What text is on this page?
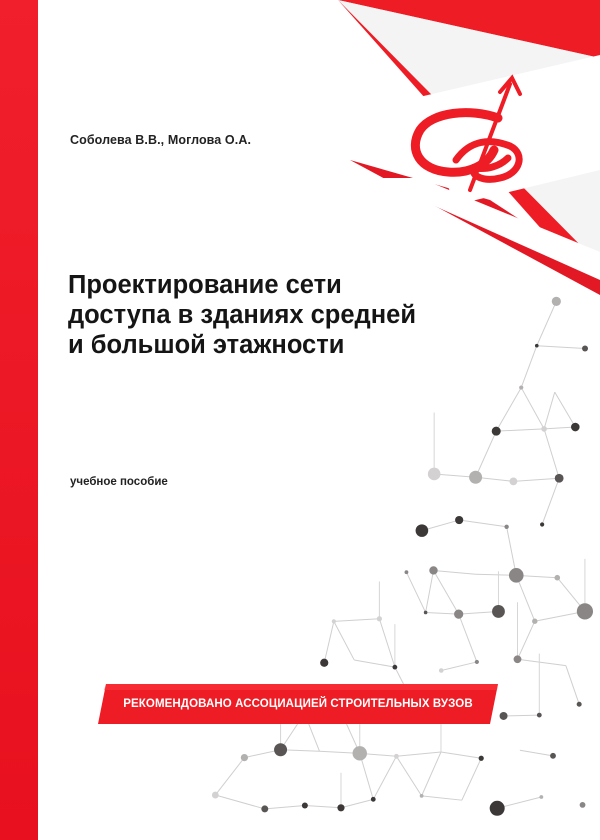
Соболева В.В., Моглова О.А.
Проектирование сети
доступа в зданиях средней
и большой этажности
учебное пособие
РЕКОМЕНДОВАНО АССОЦИАЦИЕЙ СТРОИТЕЛЬНЫХ ВУЗОВ
